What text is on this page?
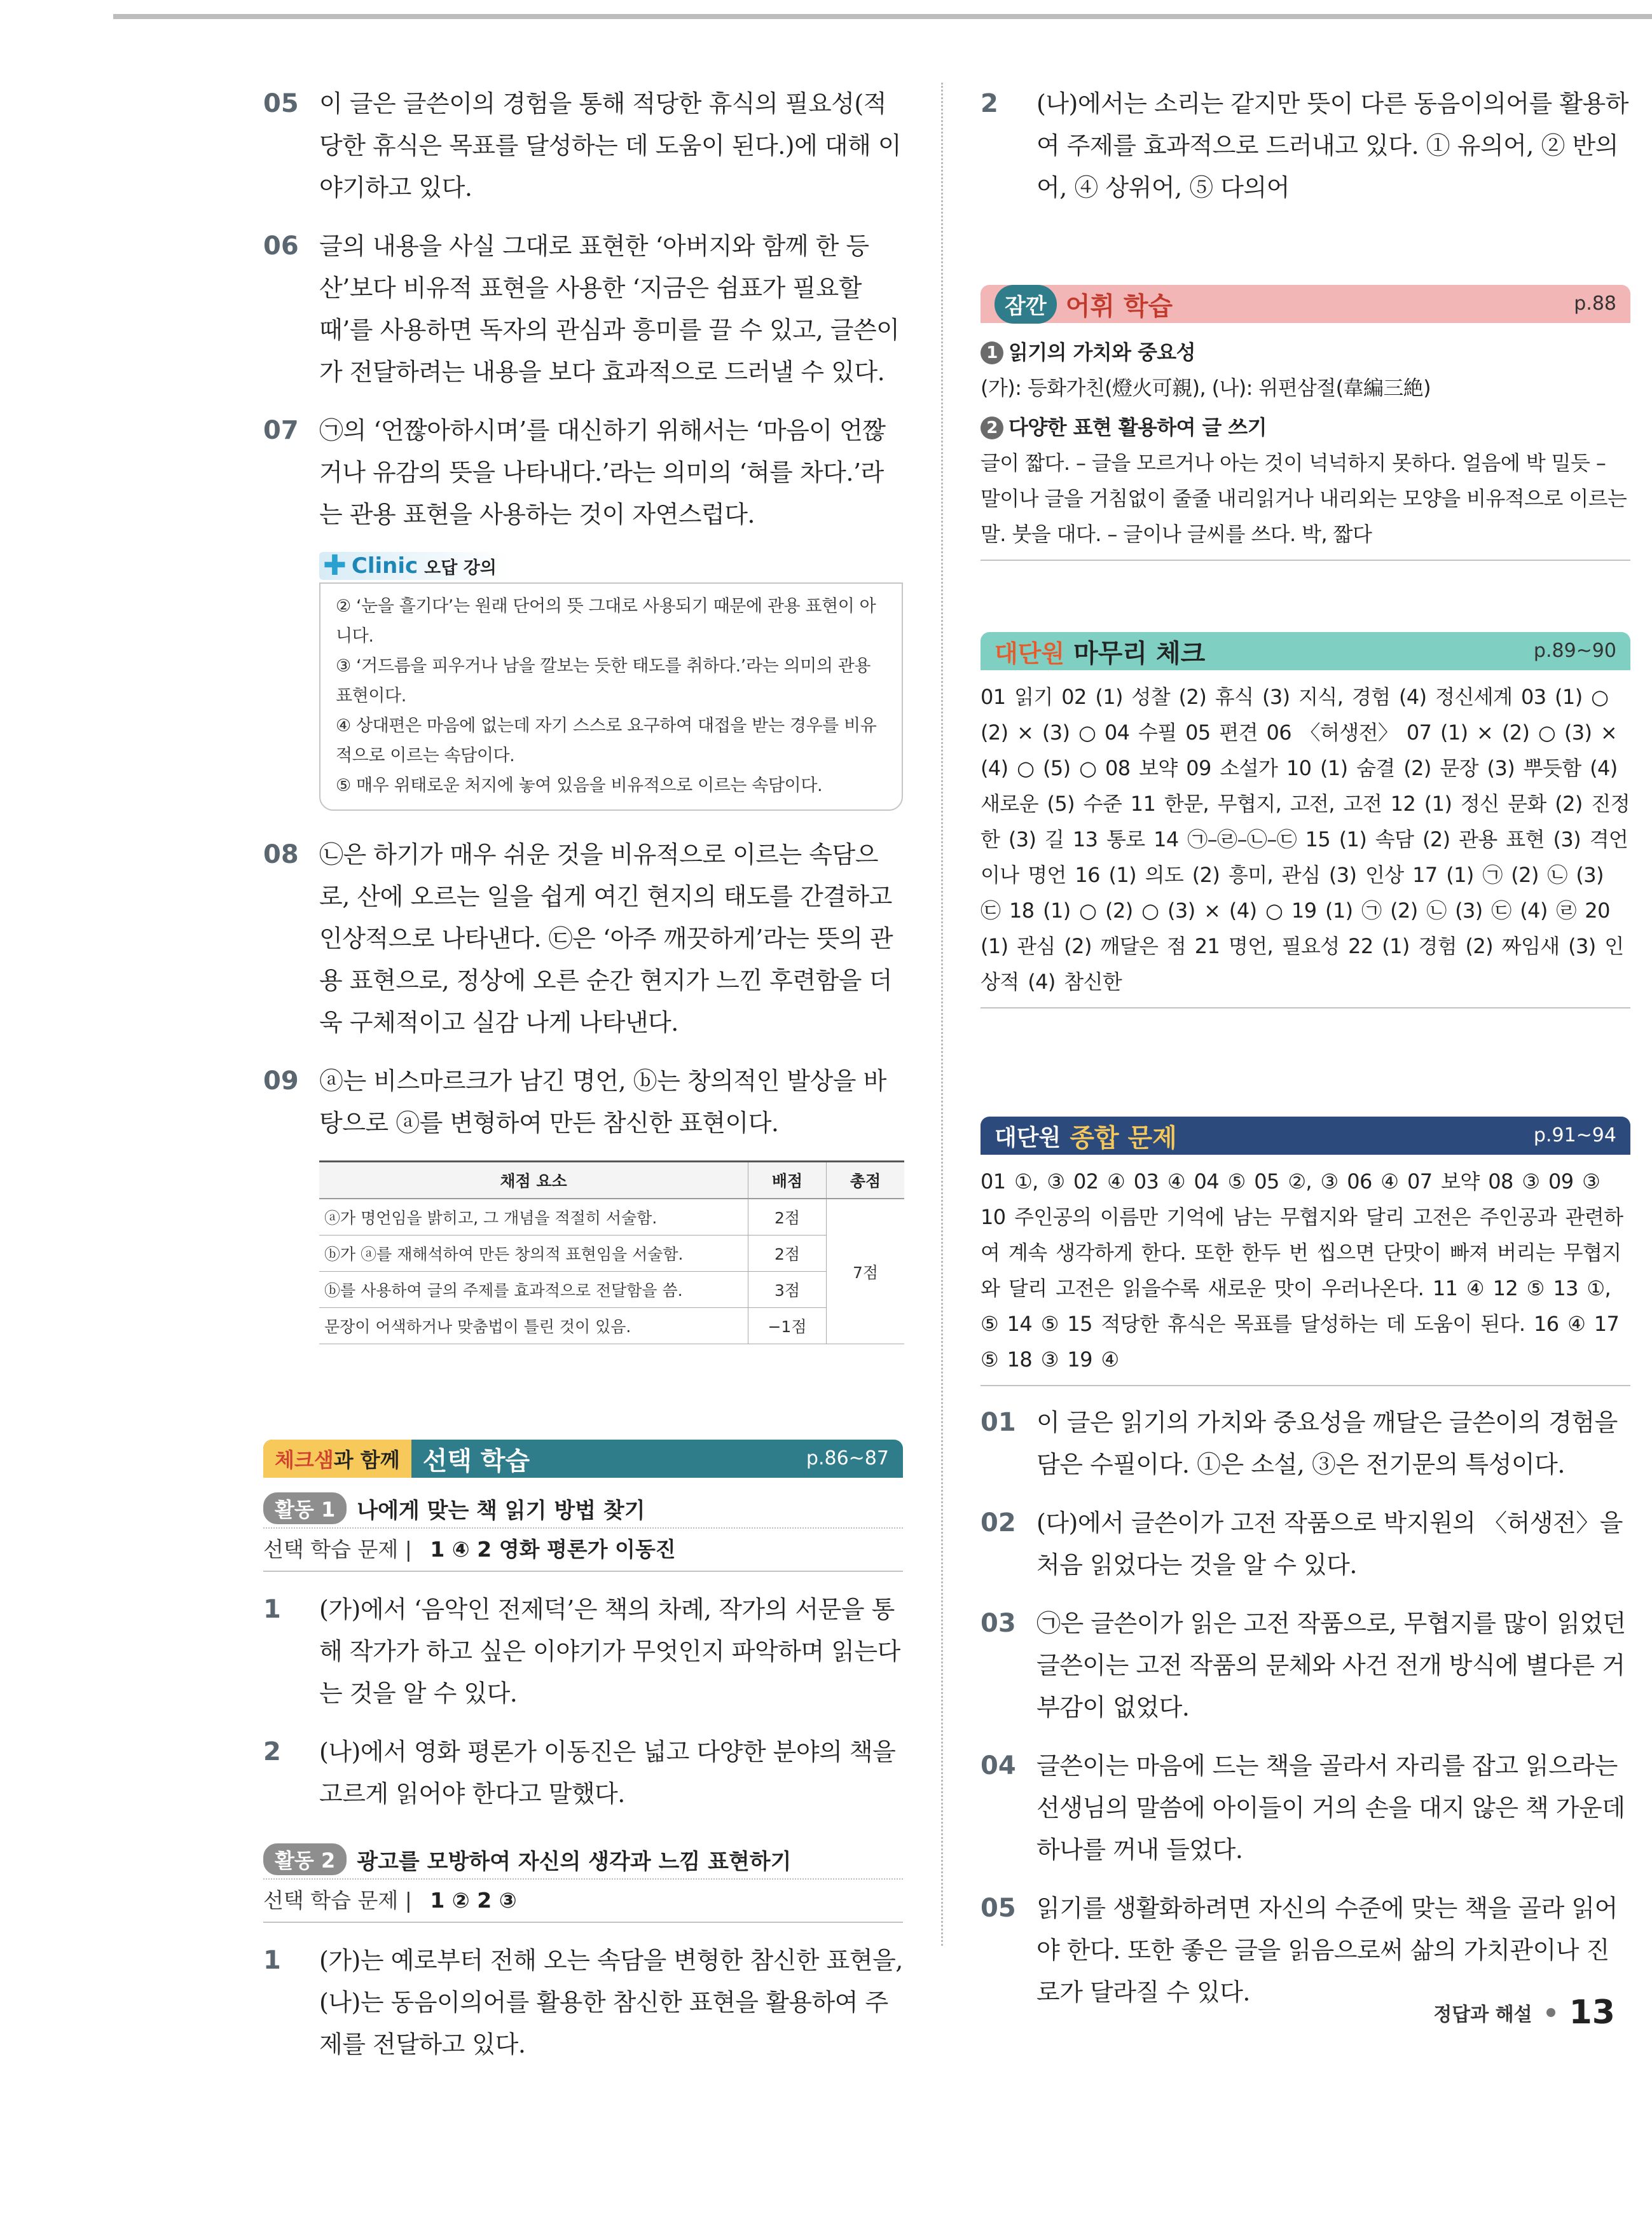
05 이 글은 글쓴이의 경험을 통해 적당한 휴식의 필요성(적당한 휴식은 목표를 달성하는 데 도움이 된다.)에 대해 이야기하고 있다.
06 글의 내용을 사실 그대로 표현한 ‘아버지와 함께 한 등산’보다 비유적 표현을 사용한 ‘지금은 쉼표가 필요할 때’를 사용하면 독자의 관심과 흥미를 끌 수 있고, 글쓴이가 전달하려는 내용을 보다 효과적으로 드러낼 수 있다.
07 ㉠의 ‘언짢아하시며’를 대신하기 위해서는 ‘마음이 언짢거나 유감의 뜻을 나타내다.’라는 의미의 ‘혀를 차다.’라는 관용 표현을 사용하는 것이 자연스럽다.
✚ Clinic 오답 강의
② ‘눈을 흘기다’는 원래 단어의 뜻 그대로 사용되기 때문에 관용 표현이 아니다.
③ ‘거드름을 피우거나 남을 깔보는 듯한 태도를 취하다.’라는 의미의 관용 표현이다.
④ 상대편은 마음에 없는데 자기 스스로 요구하여 대접을 받는 경우를 비유적으로 이르는 속담이다.
⑤ 매우 위태로운 처지에 놓여 있음을 비유적으로 이르는 속담이다.
08 ㉡은 하기가 매우 쉬운 것을 비유적으로 이르는 속담으로, 산에 오르는 일을 쉽게 여긴 현지의 태도를 간결하고 인상적으로 나타낸다. ㉢은 ‘아주 깨끗하게’라는 뜻의 관용 표현으로, 정상에 오른 순간 현지가 느낀 후련함을 더욱 구체적이고 실감 나게 나타낸다.
09 ⓐ는 비스마르크가 남긴 명언, ⓑ는 창의적인 발상을 바탕으로 ⓐ를 변형하여 만든 참신한 표현이다.
채점 요소	배점	총점
ⓐ가 명언임을 밝히고, 그 개념을 적절히 서술함.	2점	7점
ⓑ가 ⓐ를 재해석하여 만든 창의적 표현임을 서술함.	2점	
ⓑ를 사용하여 글의 주제를 효과적으로 전달함을 씀.	3점	
문장이 어색하거나 맞춤법이 틀린 것이 있음.	−1점	
체크샘 과 함께 선택 학습	p.86~87
활동 1	나에게 맞는 책 읽기 방법 찾기
선택 학습 문제 | 1 ④ 2 영화 평론가 이동진
1 (가)에서 ‘음악인 전제덕’은 책의 차례, 작가의 서문을 통해 작가가 하고 싶은 이야기가 무엇인지 파악하며 읽는다는 것을 알 수 있다.
2 (나)에서 영화 평론가 이동진은 넓고 다양한 분야의 책을 고르게 읽어야 한다고 말했다.
활동 2	광고를 모방하여 자신의 생각과 느낌 표현하기
선택 학습 문제 | 1 ② 2 ③
1 (가)는 예로부터 전해 오는 속담을 변형한 참신한 표현을, (나)는 동음이의어를 활용한 참신한 표현을 활용하여 주제를 전달하고 있다.
2 (나)에서는 소리는 같지만 뜻이 다른 동음이의어를 활용하여 주제를 효과적으로 드러내고 있다. ① 유의어, ② 반의어, ④ 상위어, ⑤ 다의어
잠깐 어휘 학습	p.88
1 읽기의 가치와 중요성
(가): 등화가친(燈火可親), (나): 위편삼절(韋編三絶)
2 다양한 표현 활용하여 글 쓰기
글이 짧다. – 글을 모르거나 아는 것이 넉넉하지 못하다. 얼음에 박 밀듯 – 말이나 글을 거침없이 줄줄 내리읽거나 내리외는 모양을 비유적으로 이르는 말. 붓을 대다. – 글이나 글씨를 쓰다. 박, 짧다
대단원 마무리 체크	p.89~90
01 읽기 02 (1) 성찰 (2) 휴식 (3) 지식, 경험 (4) 정신세계 03 (1) ○ (2) × (3) ○ 04 수필 05 편견 06 〈허생전〉 07 (1) × (2) ○ (3) × (4) ○ (5) ○ 08 보약 09 소설가 10 (1) 숨결 (2) 문장 (3) 뿌듯함 (4) 새로운 (5) 수준 11 한문, 무협지, 고전, 고전 12 (1) 정신 문화 (2) 진정한 (3) 길 13 통로 14 ㉠–㉣–㉡–㉢ 15 (1) 속담 (2) 관용 표현 (3) 격언이나 명언 16 (1) 의도 (2) 흥미, 관심 (3) 인상 17 (1) ㉠ (2) ㉡ (3) ㉢ 18 (1) ○ (2) ○ (3) × (4) ○ 19 (1) ㉠ (2) ㉡ (3) ㉢ (4) ㉣ 20 (1) 관심 (2) 깨달은 점 21 명언, 필요성 22 (1) 경험 (2) 짜임새 (3) 인상적 (4) 참신한
대단원 종합 문제	p.91~94
01 ①, ③ 02 ④ 03 ④ 04 ⑤ 05 ②, ③ 06 ④ 07 보약 08 ③ 09 ③ 10 주인공의 이름만 기억에 남는 무협지와 달리 고전은 주인공과 관련하여 계속 생각하게 한다. 또한 한두 번 씹으면 단맛이 빠져 버리는 무협지와 달리 고전은 읽을수록 새로운 맛이 우러나온다. 11 ④ 12 ⑤ 13 ①, ⑤ 14 ⑤ 15 적당한 휴식은 목표를 달성하는 데 도움이 된다. 16 ④ 17 ⑤ 18 ③ 19 ④
01 이 글은 읽기의 가치와 중요성을 깨달은 글쓴이의 경험을 담은 수필이다. ①은 소설, ③은 전기문의 특성이다.
02 (다)에서 글쓴이가 고전 작품으로 박지원의 〈허생전〉을 처음 읽었다는 것을 알 수 있다.
03 ㉠은 글쓴이가 읽은 고전 작품으로, 무협지를 많이 읽었던 글쓴이는 고전 작품의 문체와 사건 전개 방식에 별다른 거부감이 없었다.
04 글쓴이는 마음에 드는 책을 골라서 자리를 잡고 읽으라는 선생님의 말씀에 아이들이 거의 손을 대지 않은 책 가운데 하나를 꺼내 들었다.
05 읽기를 생활화하려면 자신의 수준에 맞는 책을 골라 읽어야 한다. 또한 좋은 글을 읽음으로써 삶의 가치관이나 진로가 달라질 수 있다.
정답과 해설 13
